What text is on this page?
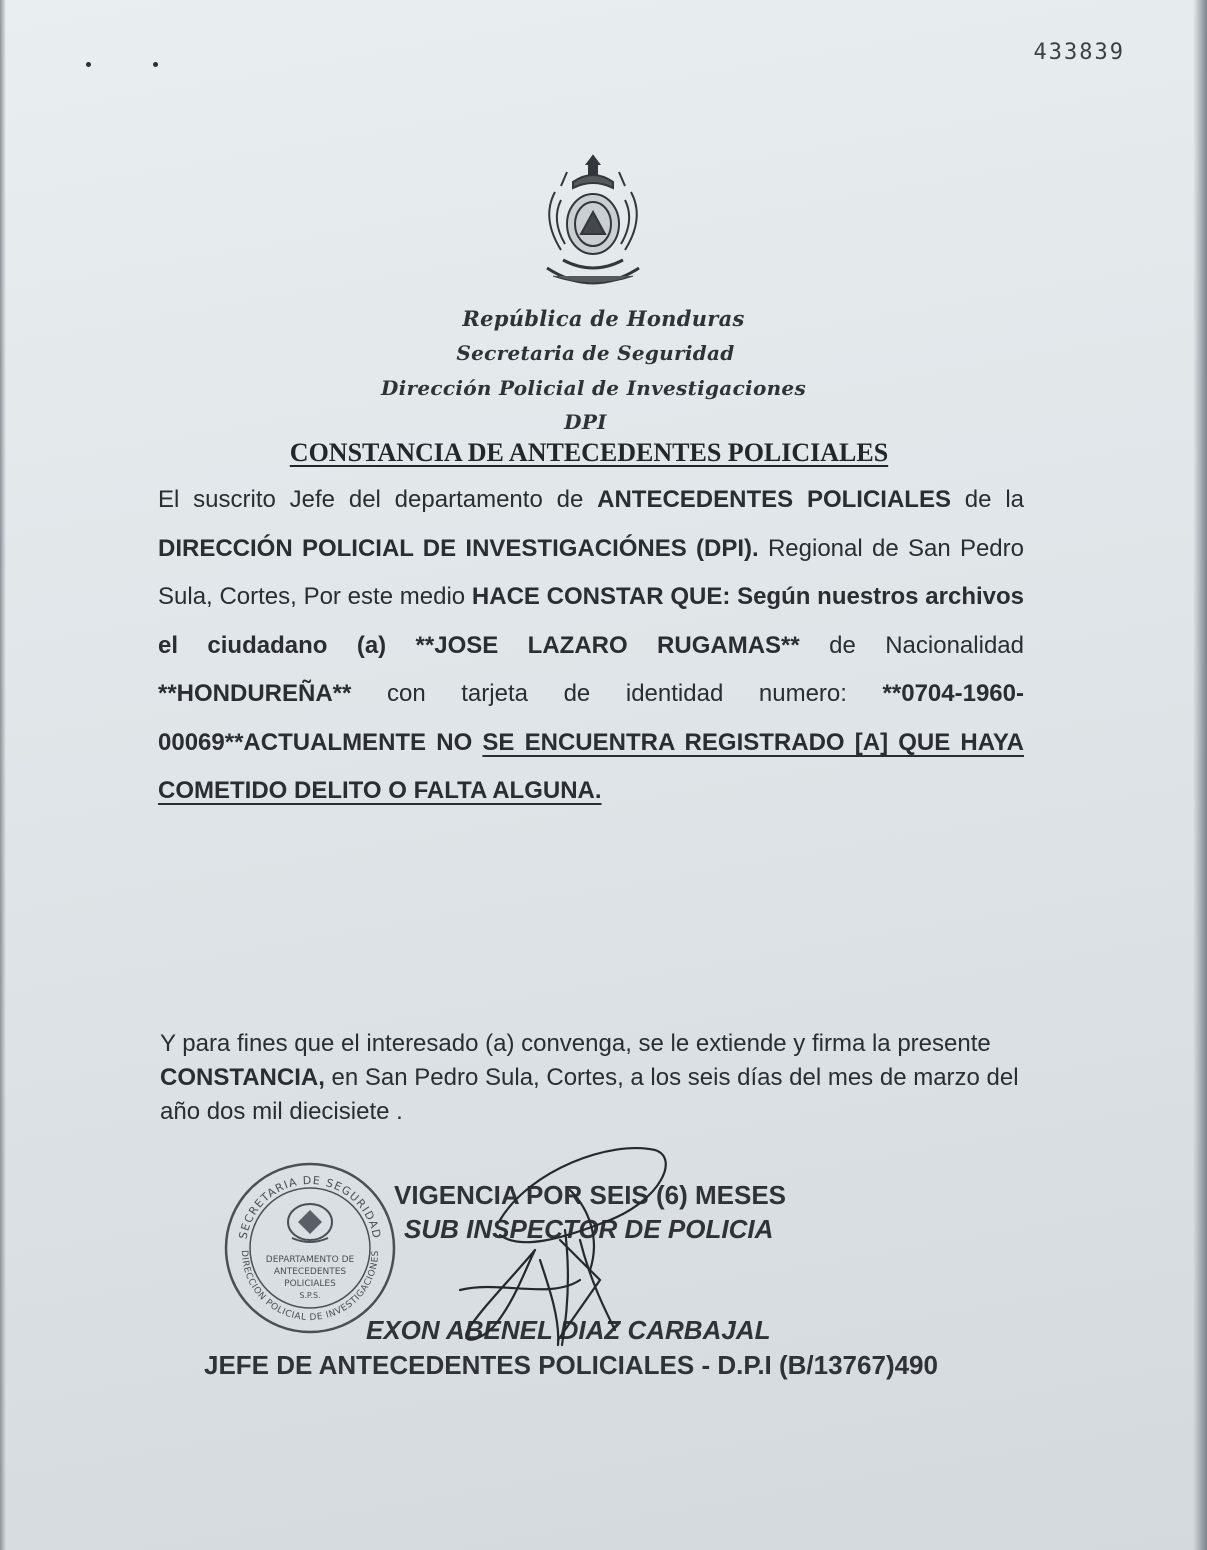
433839
República de Honduras
Secretaria de Seguridad
Dirección Policial de Investigaciones
DPI
CONSTANCIA DE ANTECEDENTES POLICIALES
El suscrito Jefe del departamento de ANTECEDENTES POLICIALES de la DIRECCIÓN POLICIAL DE INVESTIGACIÓNES (DPI). Regional de San Pedro Sula, Cortes, Por este medio HACE CONSTAR QUE: Según nuestros archivos el ciudadano (a) **JOSE LAZARO RUGAMAS** de Nacionalidad **HONDUREÑA** con tarjeta de identidad numero: **0704-1960-00069**ACTUALMENTE NO SE ENCUENTRA REGISTRADO [A] QUE HAYA COMETIDO DELITO O FALTA ALGUNA.
Y para fines que el interesado (a) convenga, se le extiende y firma la presente CONSTANCIA, en San Pedro Sula, Cortes, a los seis días del mes de marzo del año dos mil diecisiete .
SECRETARIA DE SEGURIDAD
DIRECCION POLICIAL DE INVESTIGACIONES
DEPARTAMENTO DE
ANTECEDENTES
POLICIALES
S.P.S.
VIGENCIA POR SEIS (6) MESES
SUB INSPECTOR DE POLICIA
EXON ABENEL DIAZ CARBAJAL
JEFE DE ANTECEDENTES POLICIALES - D.P.I (B/13767)490
